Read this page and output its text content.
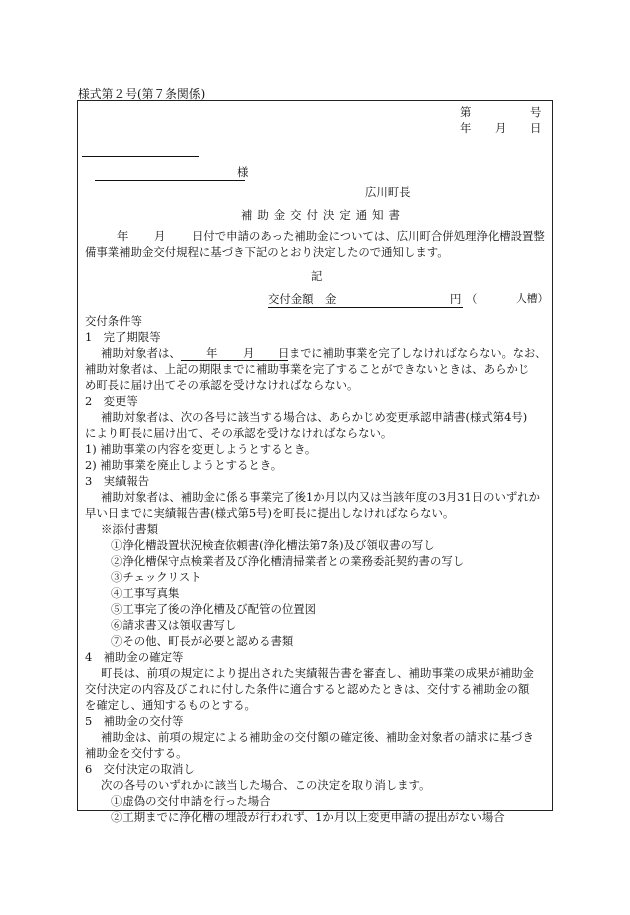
様式第２号(第７条関係)
第	号
年 月 日
様
広川町長
補助金交付決定通知書
年 月 日付で申請のあった補助金については、広川町合併処理浄化槽設置整
備事業補助金交付規程に基づき下記のとおり決定したので通知します。
記
交付金額　金	円 （	人槽）
交付条件等
1　完了期限等
補助対象者は、 年 月 日 までに補助事業を完了しなければならない。なお、
補助対象者は、上記の期限までに補助事業を完了することができないときは、あらかじ
め町長に届け出てその承認を受けなければならない。
2　変更等
補助対象者は、次の各号に該当する場合は、あらかじめ変更承認申請書(様式第4号)
により町長に届け出て、その承認を受けなければならない。
1) 補助事業の内容を変更しようとするとき。
2) 補助事業を廃止しようとするとき。
3　実績報告
補助対象者は、補助金に係る事業完了後1か月以内又は当該年度の3月31日のいずれか
早い日までに実績報告書(様式第5号)を町長に提出しなければならない。
※添付書類
①浄化槽設置状況検査依頼書(浄化槽法第7条)及び領収書の写し
②浄化槽保守点検業者及び浄化槽清掃業者との業務委託契約書の写し
③チェックリスト
④工事写真集
⑤工事完了後の浄化槽及び配管の位置図
⑥請求書又は領収書写し
⑦その他、町長が必要と認める書類
4　補助金の確定等
町長は、前項の規定により提出された実績報告書を審査し、補助事業の成果が補助金
交付決定の内容及びこれに付した条件に適合すると認めたときは、交付する補助金の額
を確定し、通知するものとする。
5　補助金の交付等
補助金は、前項の規定による補助金の交付額の確定後、補助金対象者の請求に基づき
補助金を交付する。
6　交付決定の取消し
次の各号のいずれかに該当した場合、この決定を取り消します。
①虚偽の交付申請を行った場合
②工期までに浄化槽の埋設が行われず、1か月以上変更申請の提出がない場合
